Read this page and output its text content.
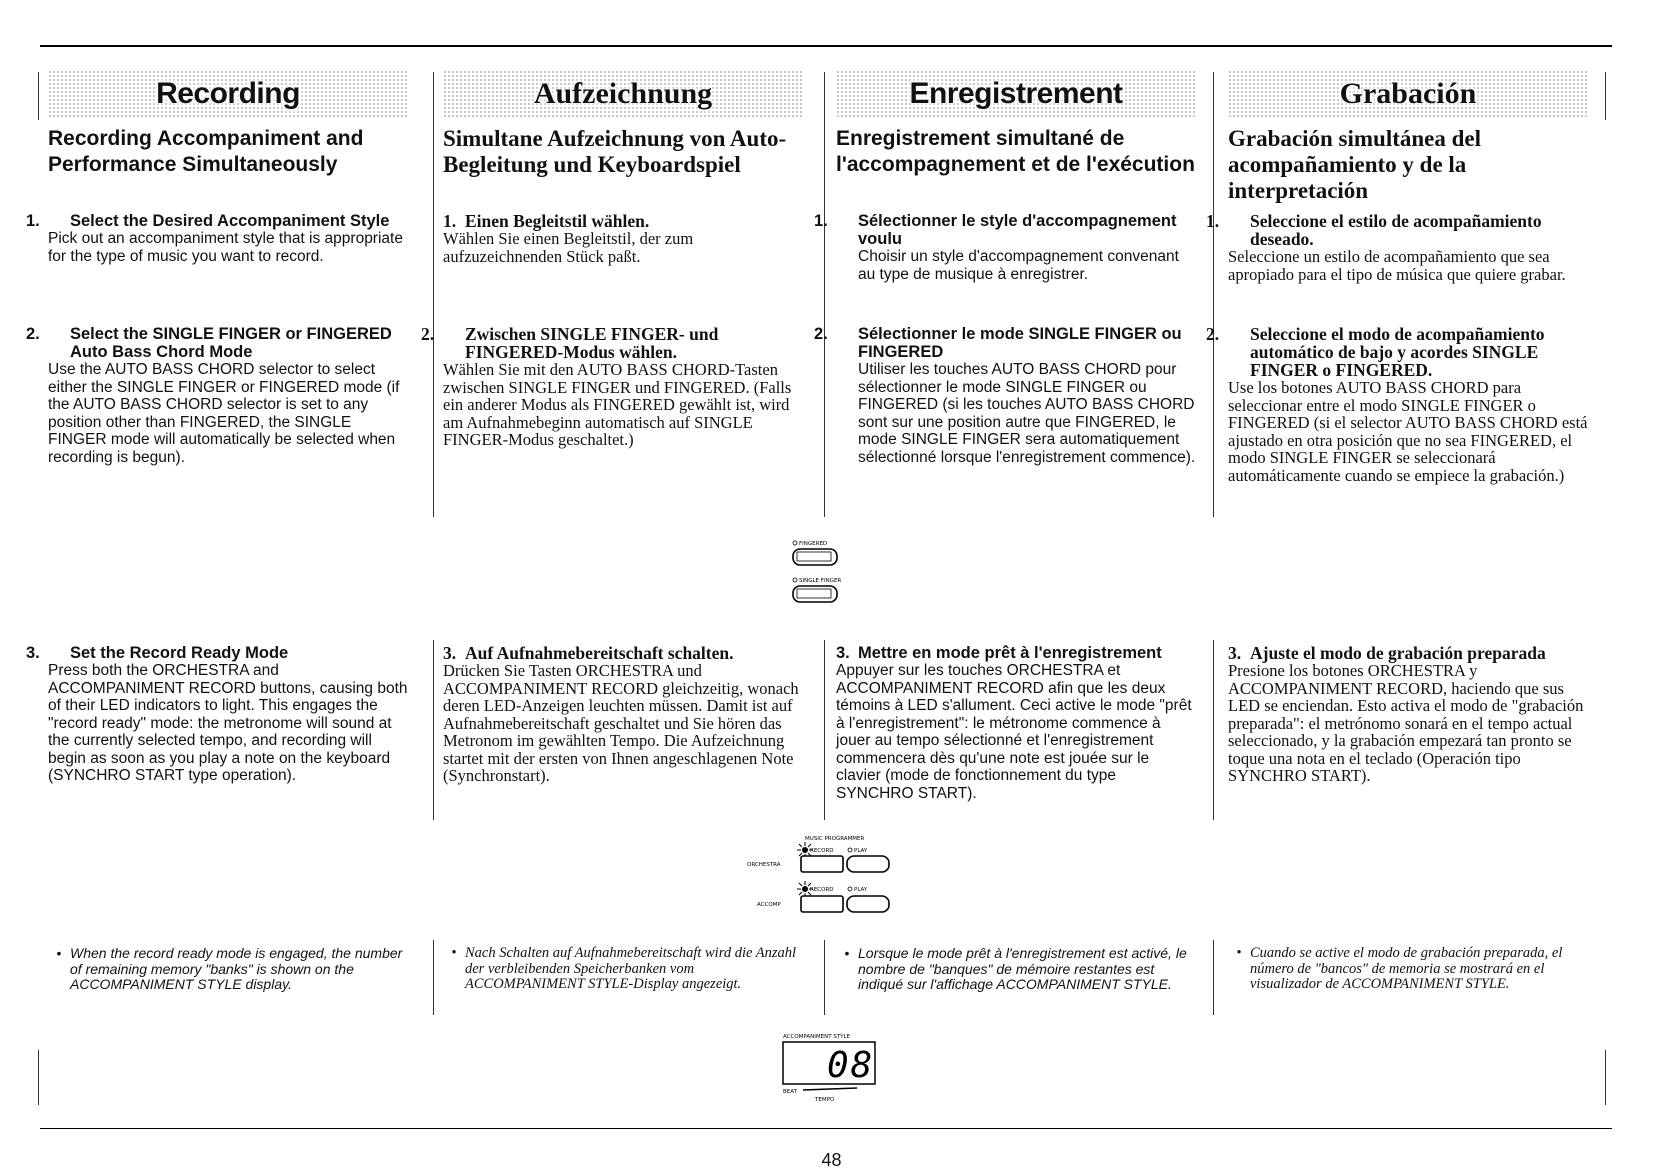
Recording

Recording Accompaniment and Performance Simultaneously

1. Select the Desired Accompaniment Style
Pick out an accompaniment style that is appropriate for the type of music you want to record.
2. Select the SINGLE FINGER or FINGERED Auto Bass Chord Mode
Use the AUTO BASS CHORD selector to select either the SINGLE FINGER or FINGERED mode (if the AUTO BASS CHORD selector is set to any position other than FINGERED, the SINGLE FINGER mode will automatically be selected when recording is begun).
3. Set the Record Ready Mode
Press both the ORCHESTRA and ACCOMPANIMENT RECORD buttons, causing both of their LED indicators to light. This engages the "record ready" mode: the metronome will sound at the currently selected tempo, and recording will begin as soon as you play a note on the keyboard (SYNCHRO START type operation).
• When the record ready mode is engaged, the number of remaining memory "banks" is shown on the ACCOMPANIMENT STYLE display.
Aufzeichnung

Simultane Aufzeichnung von Auto-Begleitung und Keyboardspiel

1. Einen Begleitstil wählen.
Wählen Sie einen Begleitstil, der zum aufzuzeichnenden Stück paßt.
2. Zwischen SINGLE FINGER- und FINGERED-Modus wählen.
Wählen Sie mit den AUTO BASS CHORD-Tasten zwischen SINGLE FINGER und FINGERED. (Falls ein anderer Modus als FINGERED gewählt ist, wird am Aufnahmebeginn automatisch auf SINGLE FINGER-Modus geschaltet.)
3. Auf Aufnahmebereitschaft schalten.
Drücken Sie Tasten ORCHESTRA und ACCOMPANIMENT RECORD gleichzeitig, wonach deren LED-Anzeigen leuchten müssen. Damit ist auf Aufnahmebereitschaft geschaltet und Sie hören das Metronom im gewählten Tempo. Die Aufzeichnung startet mit der ersten von Ihnen angeschlagenen Note (Synchronstart).
• Nach Schalten auf Aufnahmebereitschaft wird die Anzahl der verbleibenden Speicherbanken vom ACCOMPANIMENT STYLE-Display angezeigt.
Enregistrement

Enregistrement simultané de l'accompagnement et de l'exécution

1. Sélectionner le style d'accompagnement voulu
Choisir un style d'accompagnement convenant au type de musique à enregistrer.
2. Sélectionner le mode SINGLE FINGER ou FINGERED
Utiliser les touches AUTO BASS CHORD pour sélectionner le mode SINGLE FINGER ou FINGERED (si les touches AUTO BASS CHORD sont sur une position autre que FINGERED, le mode SINGLE FINGER sera automatiquement sélectionné lorsque l'enregistrement commence).
3. Mettre en mode prêt à l'enregistrement
Appuyer sur les touches ORCHESTRA et ACCOMPANIMENT RECORD afin que les deux témoins à LED s'allument. Ceci active le mode "prêt à l'enregistrement": le métronome commence à jouer au tempo sélectionné et l'enregistrement commencera dès qu'une note est jouée sur le clavier (mode de fonctionnement du type SYNCHRO START).
• Lorsque le mode prêt à l'enregistrement est activé, le nombre de "banques" de mémoire restantes est indiqué sur l'affichage ACCOMPANIMENT STYLE.
Grabación

Grabación simultánea del acompañamiento y de la interpretación

1. Seleccione el estilo de acompañamiento deseado.
Seleccione un estilo de acompañamiento que sea apropiado para el tipo de música que quiere grabar.
2. Seleccione el modo de acompañamiento automático de bajo y acordes SINGLE FINGER o FINGERED.
Use los botones AUTO BASS CHORD para seleccionar entre el modo SINGLE FINGER o FINGERED (si el selector AUTO BASS CHORD está ajustado en otra posición que no sea FINGERED, el modo SINGLE FINGER se seleccionará automáticamente cuando se empiece la grabación.)
3. Ajuste el modo de grabación preparada
Presione los botones ORCHESTRA y ACCOMPANIMENT RECORD, haciendo que sus LED se enciendan. Esto activa el modo de "grabación preparada": el metrónomo sonará en el tempo actual seleccionado, y la grabación empezará tan pronto se toque una nota en el teclado (Operación tipo SYNCHRO START).
• Cuando se active el modo de grabación preparada, el número de "bancos" de memoria se mostrará en el visualizador de ACCOMPANIMENT STYLE.
FINGERED
SINGLE FINGER
MUSIC PROGRAMMER
RECORD	PLAY
ORCHESTRA
RECORD	PLAY
ACCOMP
ACCOMPANIMENT STYLE
08
BEAT
TEMPO
48
